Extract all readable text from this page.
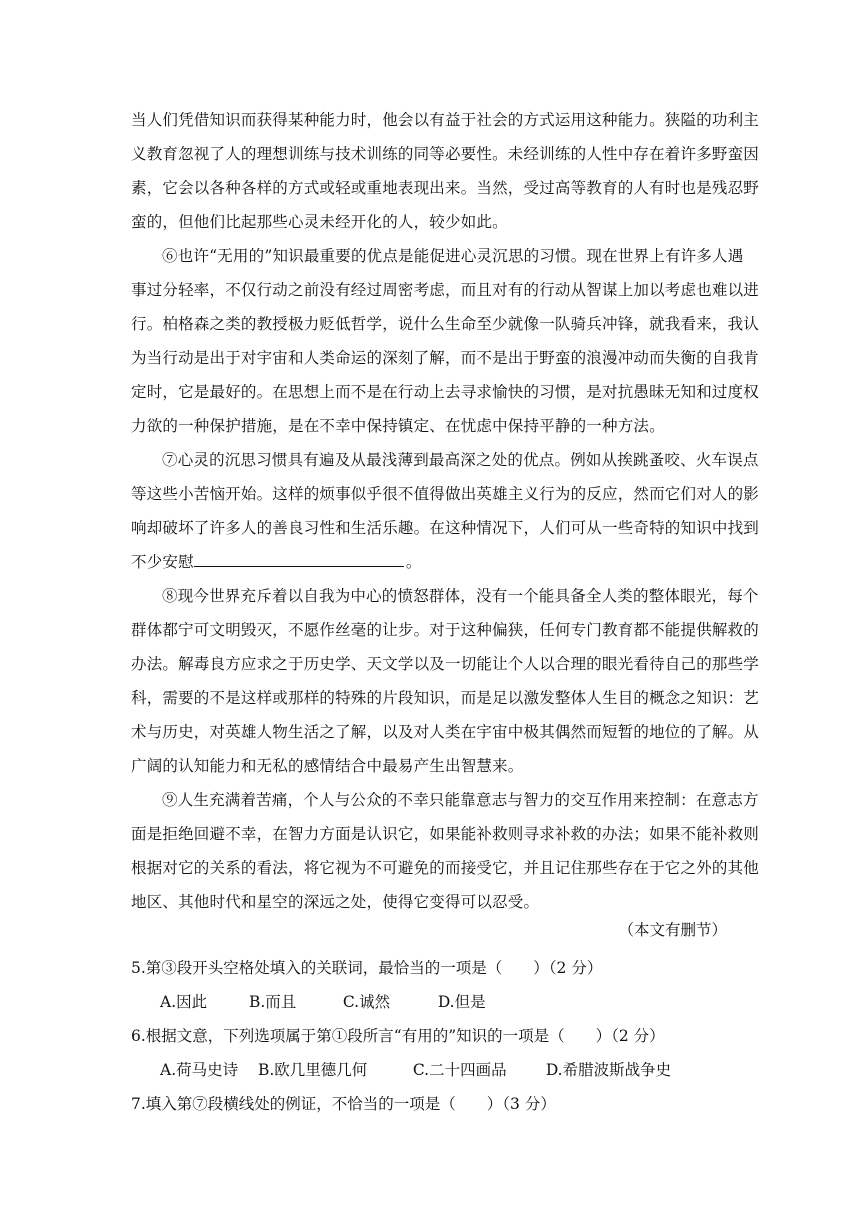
当人们凭借知识而获得某种能力时，他会以有益于社会的方式运用这种能力。狭隘的功利主
义教育忽视了人的理想训练与技术训练的同等必要性。未经训练的人性中存在着许多野蛮因
素，它会以各种各样的方式或轻或重地表现出来。当然，受过高等教育的人有时也是残忍野
蛮的，但他们比起那些心灵未经开化的人，较少如此。
⑥也许“无用的”知识最重要的优点是能促进心灵沉思的习惯。现在世界上有许多人遇
事过分轻率，不仅行动之前没有经过周密考虑，而且对有的行动从智谋上加以考虑也难以进
行。柏格森之类的教授极力贬低哲学，说什么生命至少就像一队骑兵冲锋，就我看来，我认
为当行动是出于对宇宙和人类命运的深刻了解，而不是出于野蛮的浪漫冲动而失衡的自我肯
定时，它是最好的。在思想上而不是在行动上去寻求愉快的习惯，是对抗愚昧无知和过度权
力欲的一种保护措施，是在不幸中保持镇定、在忧虑中保持平静的一种方法。
⑦心灵的沉思习惯具有遍及从最浅薄到最高深之处的优点。例如从挨跳蚤咬、火车误点
等这些小苦恼开始。这样的烦事似乎很不值得做出英雄主义行为的反应，然而它们对人的影
响却破坏了许多人的善良习性和生活乐趣。在这种情况下，人们可从一些奇特的知识中找到
不少安慰	。
⑧现今世界充斥着以自我为中心的愤怒群体，没有一个能具备全人类的整体眼光，每个
群体都宁可文明毁灭，不愿作丝毫的让步。对于这种偏狭，任何专门教育都不能提供解救的
办法。解毒良方应求之于历史学、天文学以及一切能让个人以合理的眼光看待自己的那些学
科，需要的不是这样或那样的特殊的片段知识，而是足以激发整体人生目的概念之知识：艺
术与历史，对英雄人物生活之了解，以及对人类在宇宙中极其偶然而短暂的地位的了解。从
广阔的认知能力和无私的感情结合中最易产生出智慧来。
⑨人生充满着苦痛，个人与公众的不幸只能靠意志与智力的交互作用来控制：在意志方
面是拒绝回避不幸，在智力方面是认识它，如果能补救则寻求补救的办法；如果不能补救则
根据对它的关系的看法，将它视为不可避免的而接受它，并且记住那些存在于它之外的其他
地区、其他时代和星空的深远之处，使得它变得可以忍受。
（本文有删节）
5.第③段开头空格处填入的关联词，最恰当的一项是（　　）（2 分）
A.因此	B.而且	C.诚然	D.但是
6.根据文意，下列选项属于第①段所言“有用的”知识的一项是（　　）（2 分）
A.荷马史诗 B.欧几里德几何	C.二十四画品	D.希腊波斯战争史
7.填入第⑦段横线处的例证，不恰当的一项是（　　）（3 分）
